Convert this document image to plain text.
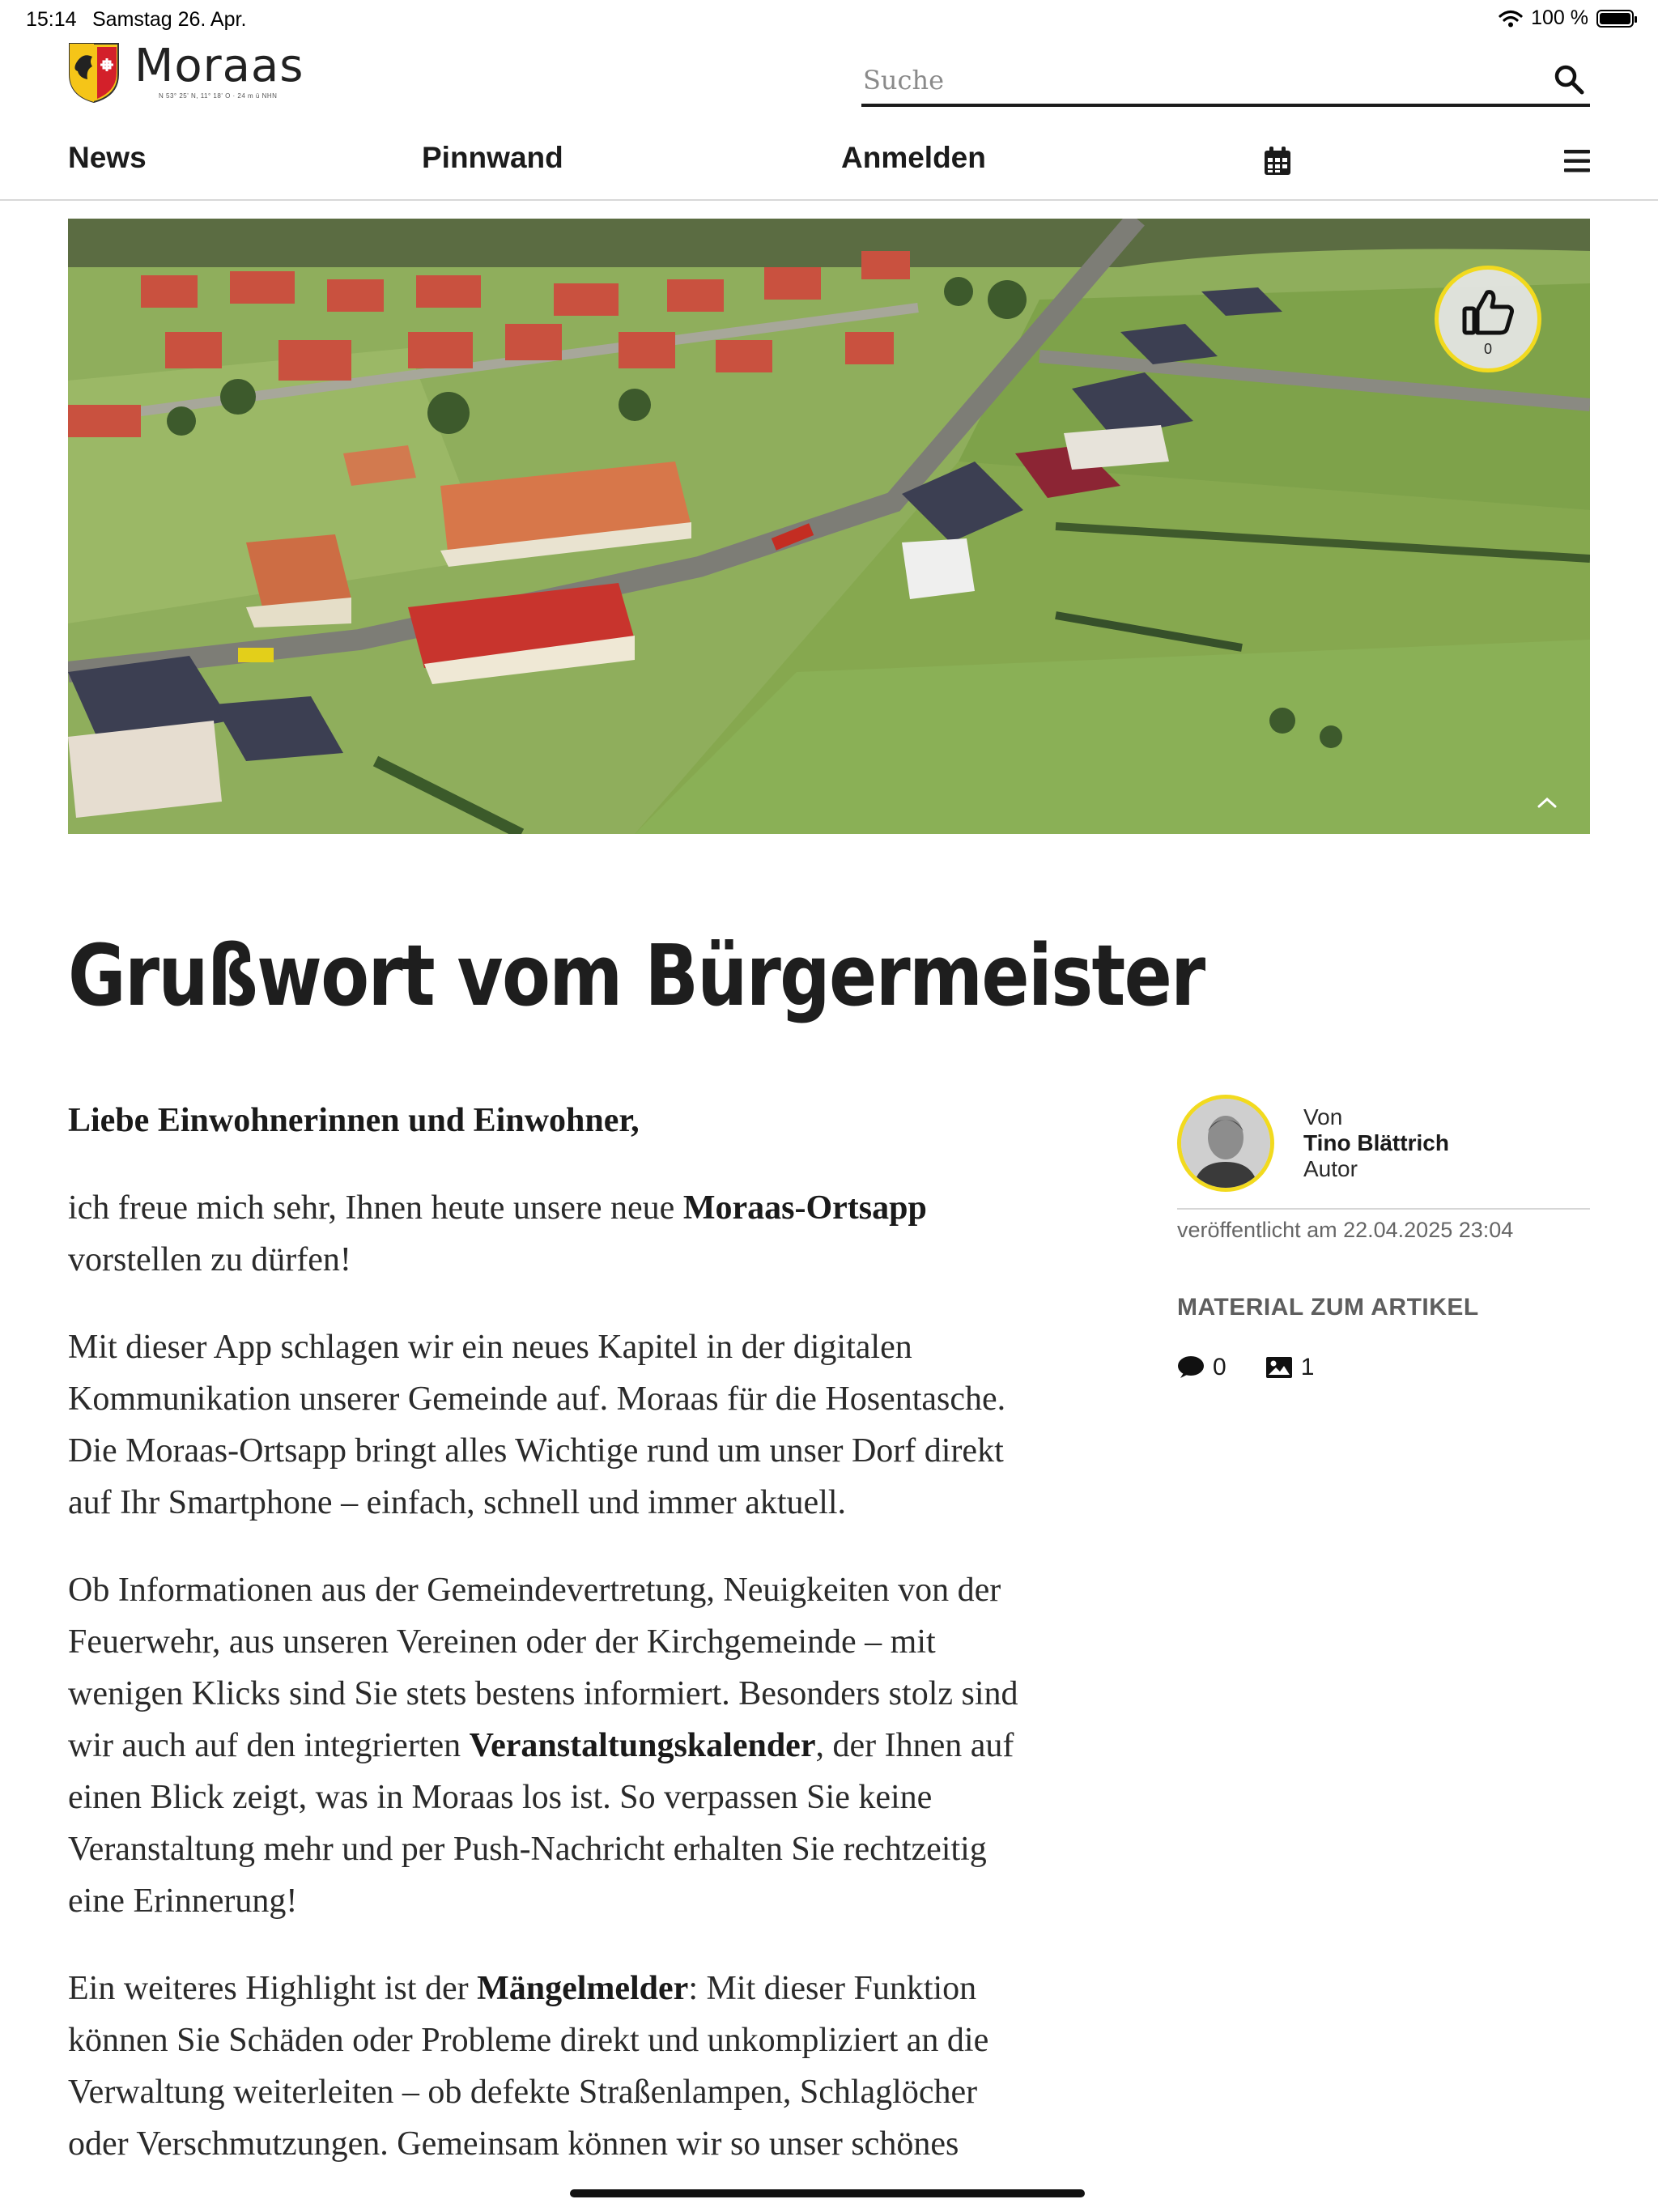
15:14 Samstag 26. Apr.	100 %
Moraas
N 53° 25' N, 11° 18' O · 24 m ü NHN
Suche
News	Pinnwand	Anmelden
0
Grußwort vom Bürgermeister

Liebe Einwohnerinnen und Einwohner,

ich freue mich sehr, Ihnen heute unsere neue Moraas-Ortsapp vorstellen zu dürfen!

Mit dieser App schlagen wir ein neues Kapitel in der digitalen Kommunikation unserer Gemeinde auf. Moraas für die Hosentasche. Die Moraas-Ortsapp bringt alles Wichtige rund um unser Dorf direkt auf Ihr Smartphone – einfach, schnell und immer aktuell.

Ob Informationen aus der Gemeindevertretung, Neuigkeiten von der Feuerwehr, aus unseren Vereinen oder der Kirchgemeinde – mit wenigen Klicks sind Sie stets bestens informiert. Besonders stolz sind wir auch auf den integrierten Veranstaltungskalender, der Ihnen auf einen Blick zeigt, was in Moraas los ist. So verpassen Sie keine Veranstaltung mehr und per Push-Nachricht erhalten Sie rechtzeitig eine Erinnerung!

Ein weiteres Highlight ist der Mängelmelder: Mit dieser Funktion können Sie Schäden oder Probleme direkt und unkompliziert an die Verwaltung weiterleiten – ob defekte Straßenlampen, Schlaglöcher oder Verschmutzungen. Gemeinsam können wir so unser schönes

Von
Tino Blättrich
Autor
veröffentlicht am 22.04.2025 23:04
MATERIAL ZUM ARTIKEL
0	1
